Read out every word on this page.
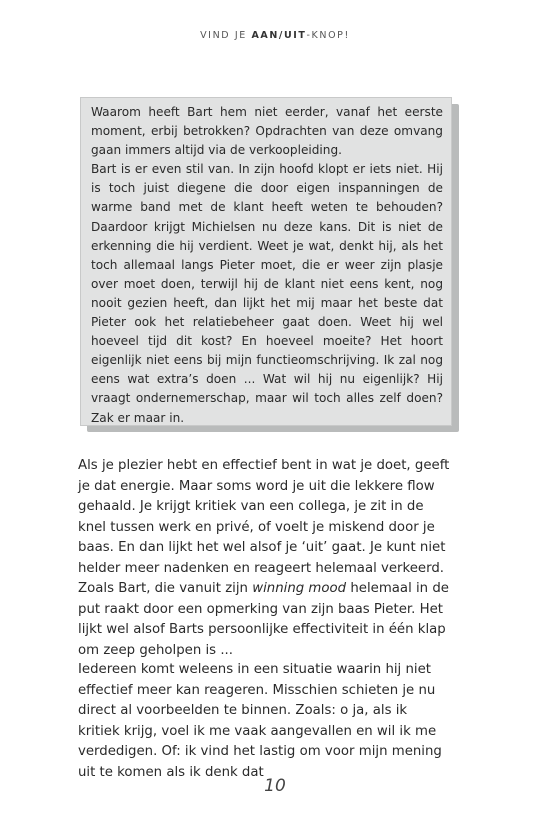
VIND JE AAN/UIT-KNOP!

Waarom heeft Bart hem niet eerder, vanaf het eerste moment, erbij betrokken? Opdrachten van deze omvang gaan immers altijd via de verkoopleiding.

Bart is er even stil van. In zijn hoofd klopt er iets niet. Hij is toch juist diegene die door eigen inspanningen de warme band met de klant heeft weten te behouden? Daardoor krijgt Michielsen nu deze kans. Dit is niet de erkenning die hij verdient. Weet je wat, denkt hij, als het toch allemaal langs Pieter moet, die er weer zijn plasje over moet doen, terwijl hij de klant niet eens kent, nog nooit gezien heeft, dan lijkt het mij maar het beste dat Pieter ook het relatiebeheer gaat doen. Weet hij wel hoeveel tijd dit kost? En hoeveel moeite? Het hoort eigenlijk niet eens bij mijn functieomschrijving. Ik zal nog eens wat extra’s doen ... Wat wil hij nu eigenlijk? Hij vraagt ondernemerschap, maar wil toch alles zelf doen? Zak er maar in.

Als je plezier hebt en effectief bent in wat je doet, geeft je dat energie. Maar soms word je uit die lekkere flow gehaald. Je krijgt kritiek van een collega, je zit in de knel tussen werk en privé, of voelt je miskend door je baas. En dan lijkt het wel alsof je ‘uit’ gaat. Je kunt niet helder meer nadenken en reageert helemaal verkeerd. Zoals Bart, die vanuit zijn winning mood helemaal in de put raakt door een opmerking van zijn baas Pieter. Het lijkt wel alsof Barts persoonlijke effectiviteit in één klap om zeep geholpen is ...

Iedereen komt weleens in een situatie waarin hij niet effectief meer kan reageren. Misschien schieten je nu direct al voorbeelden te binnen. Zoals: o ja, als ik kritiek krijg, voel ik me vaak aangevallen en wil ik me verdedigen. Of: ik vind het lastig om voor mijn mening uit te komen als ik denk dat

10
